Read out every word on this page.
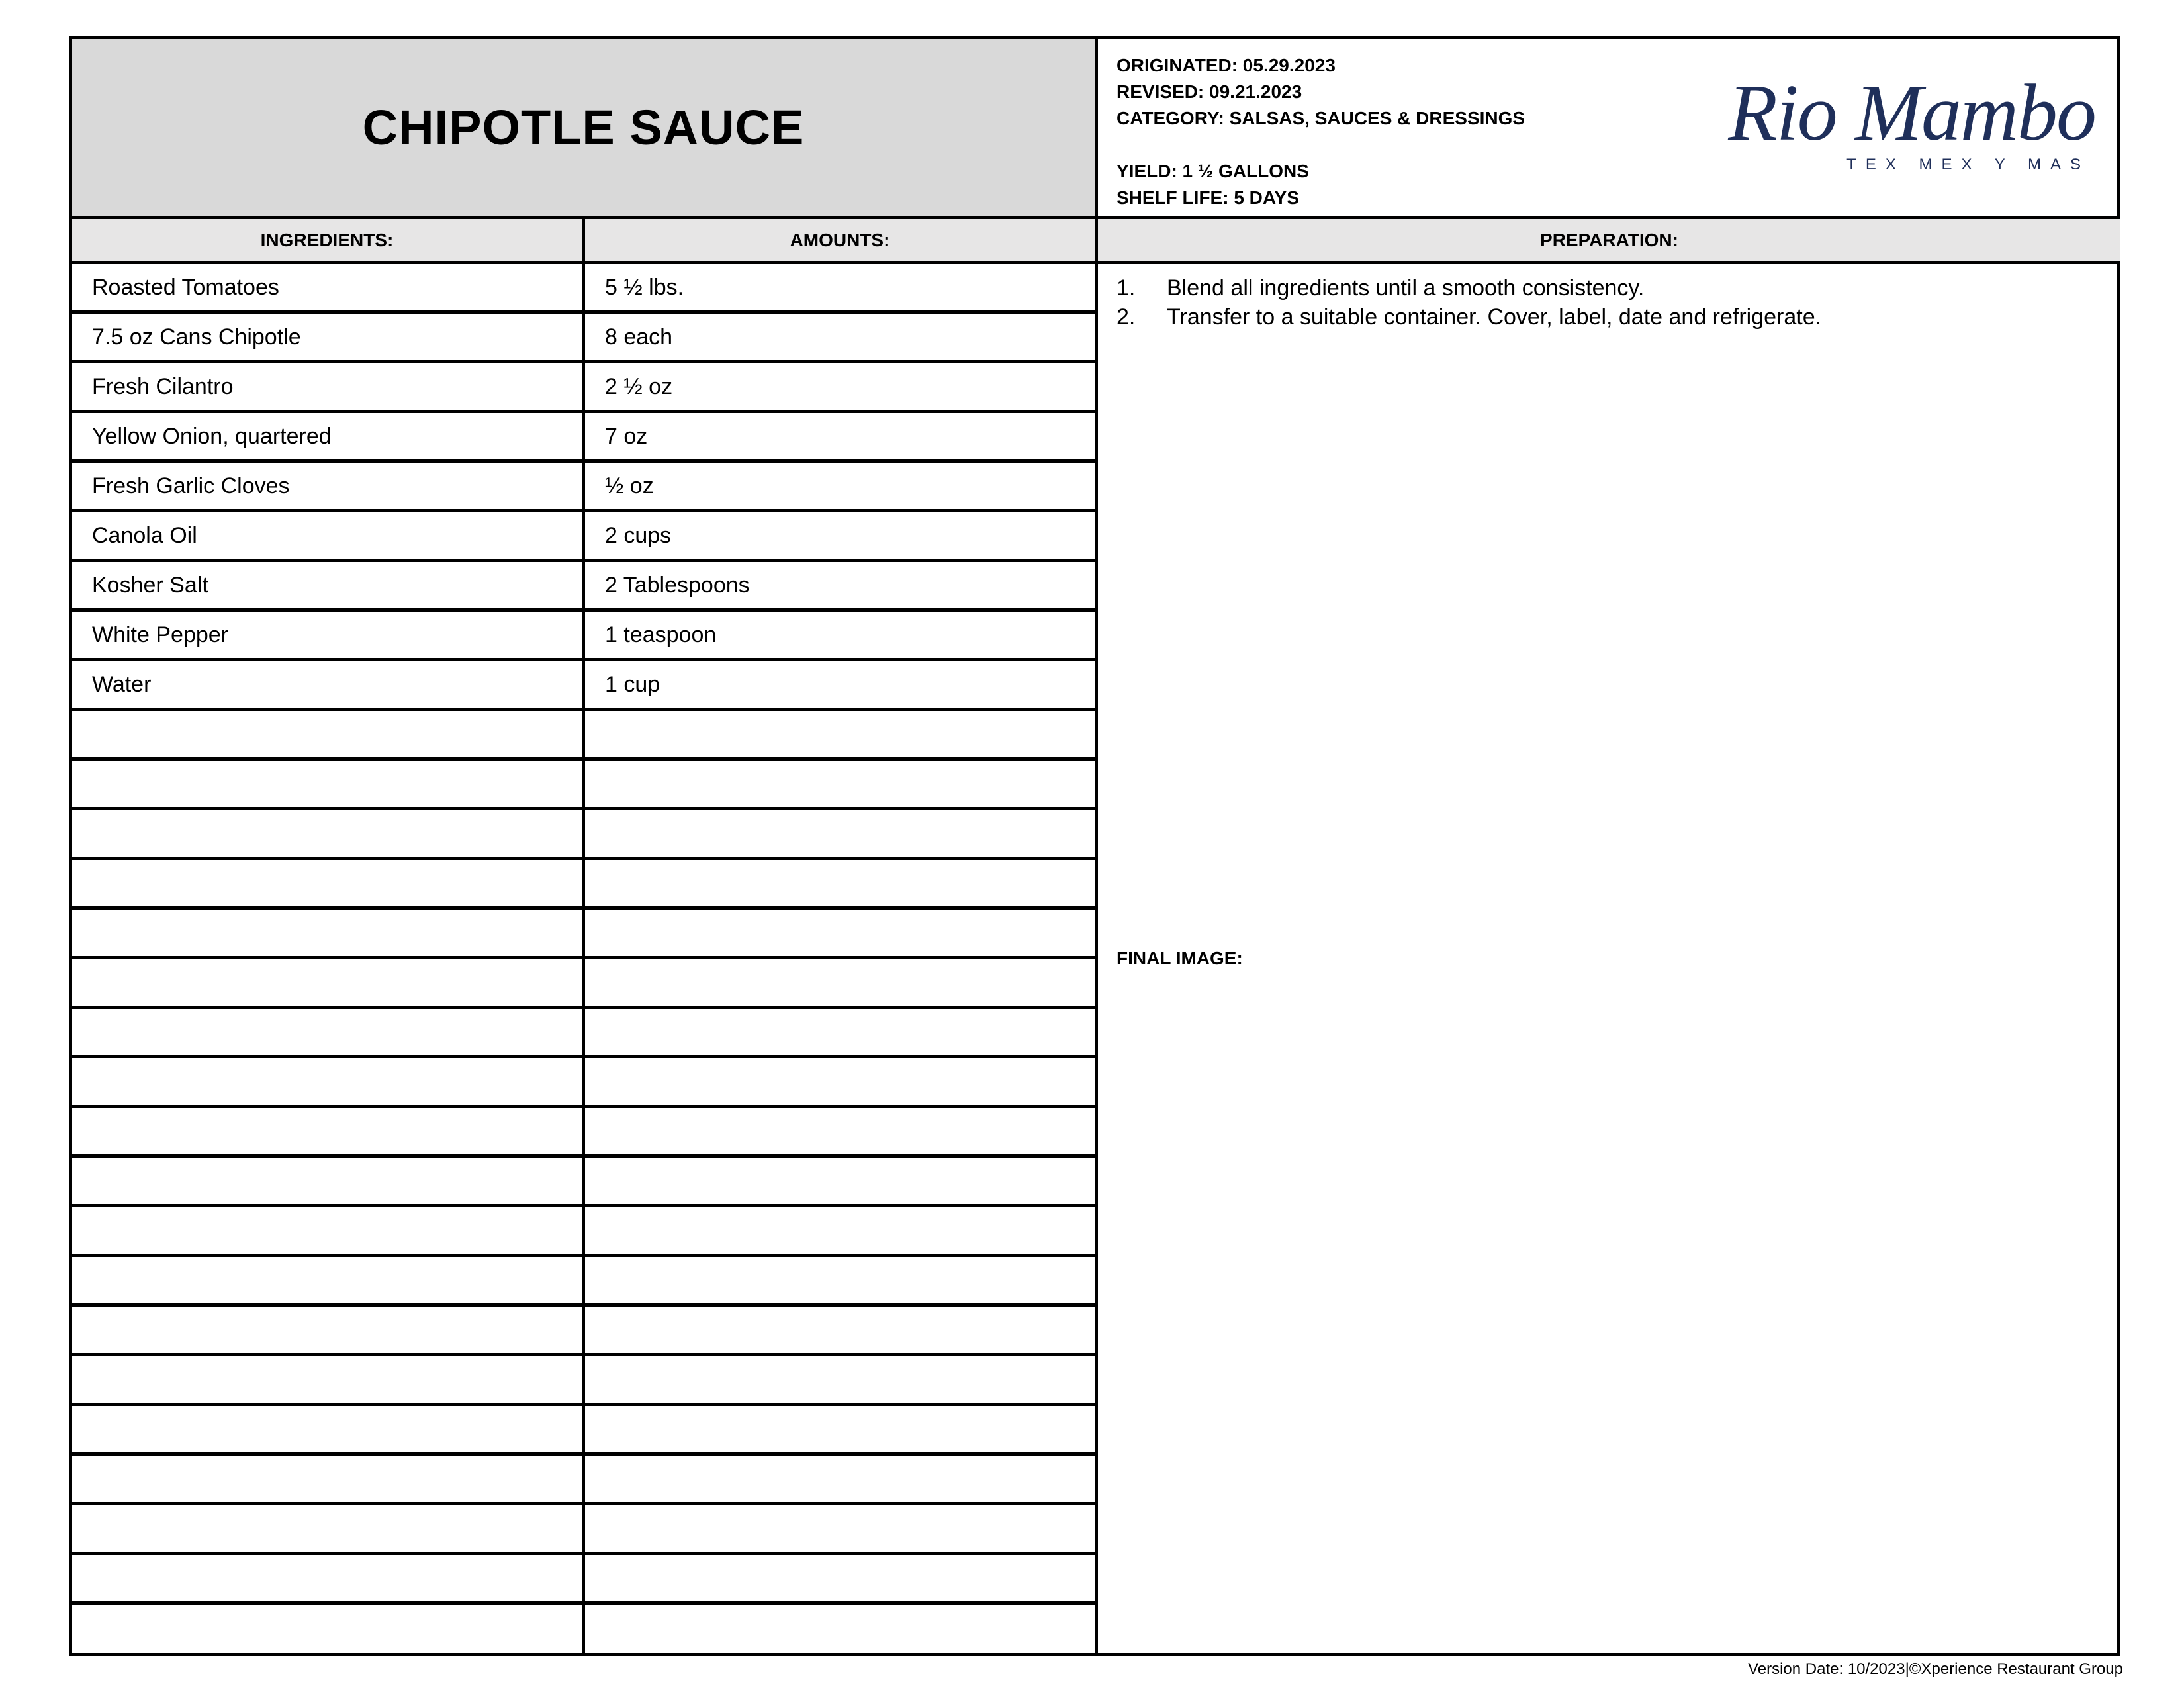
CHIPOTLE SAUCE
ORIGINATED: 05.29.2023
REVISED: 09.21.2023
CATEGORY: SALSAS, SAUCES & DRESSINGS
YIELD: 1 ½ GALLONS
SHELF LIFE: 5 DAYS
Rio Mambo
TEX MEX Y MAS
INGREDIENTS:	AMOUNTS:	PREPARATION:
Roasted Tomatoes	5 ½ lbs.
7.5 oz Cans Chipotle	8 each
Fresh Cilantro	2 ½ oz
Yellow Onion, quartered	7 oz
Fresh Garlic Cloves	½ oz
Canola Oil	2 cups
Kosher Salt	2 Tablespoons
White Pepper	1 teaspoon
Water	1 cup
1.	Blend all ingredients until a smooth consistency.
2.	Transfer to a suitable container. Cover, label, date and refrigerate.
FINAL IMAGE:
Version Date: 10/2023|©Xperience Restaurant Group
